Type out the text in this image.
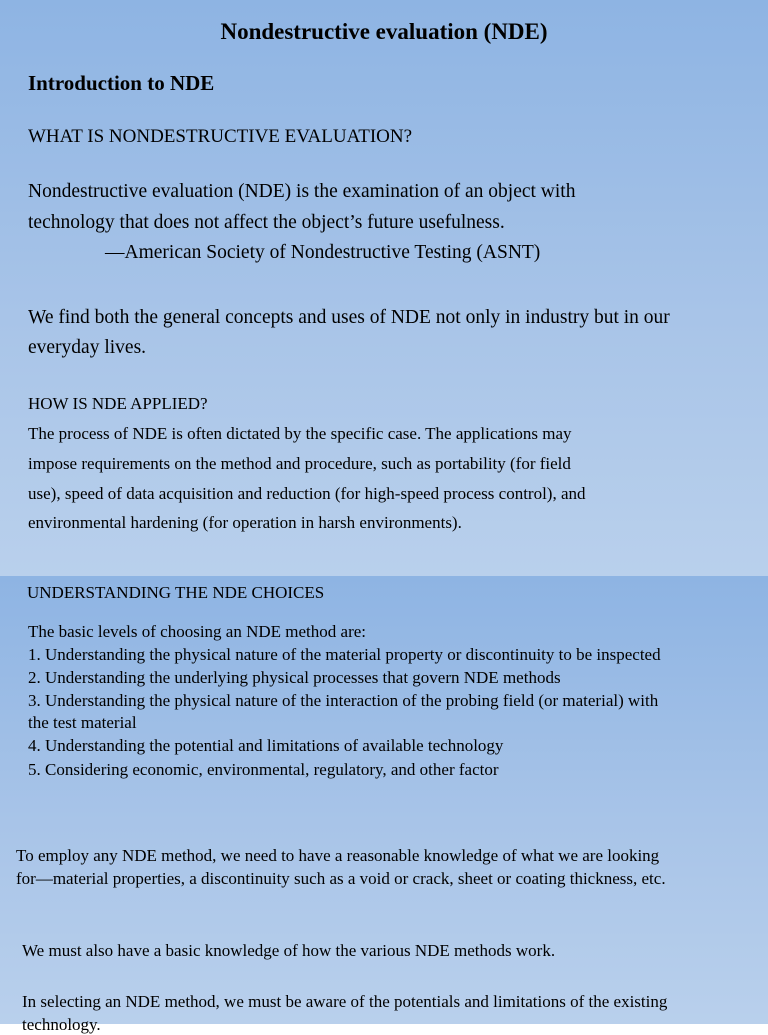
Nondestructive evaluation (NDE)

Introduction to NDE

WHAT IS NONDESTRUCTIVE EVALUATION?

Nondestructive evaluation (NDE) is the examination of an object with

technology that does not affect the object’s future usefulness.

—American Society of Nondestructive Testing (ASNT)

We find both the general concepts and uses of NDE not only in industry but in our

everyday lives.

HOW IS NDE APPLIED?

The process of NDE is often dictated by the specific case. The applications may

impose requirements on the method and procedure, such as portability (for field

use), speed of data acquisition and reduction (for high-speed process control), and

environmental hardening (for operation in harsh environments).

UNDERSTANDING THE NDE CHOICES

The basic levels of choosing an NDE method are:

1. Understanding the physical nature of the material property or discontinuity to be inspected

2. Understanding the underlying physical processes that govern NDE methods

3. Understanding the physical nature of the interaction of the probing field (or material) with

the test material

4. Understanding the potential and limitations of available technology

5. Considering economic, environmental, regulatory, and other factor

To employ any NDE method, we need to have a reasonable knowledge of what we are looking

for—material properties, a discontinuity such as a void or crack, sheet or coating thickness, etc.

We must also have a basic knowledge of how the various NDE methods work.

In selecting an NDE method, we must be aware of the potentials and limitations of the existing

technology.
